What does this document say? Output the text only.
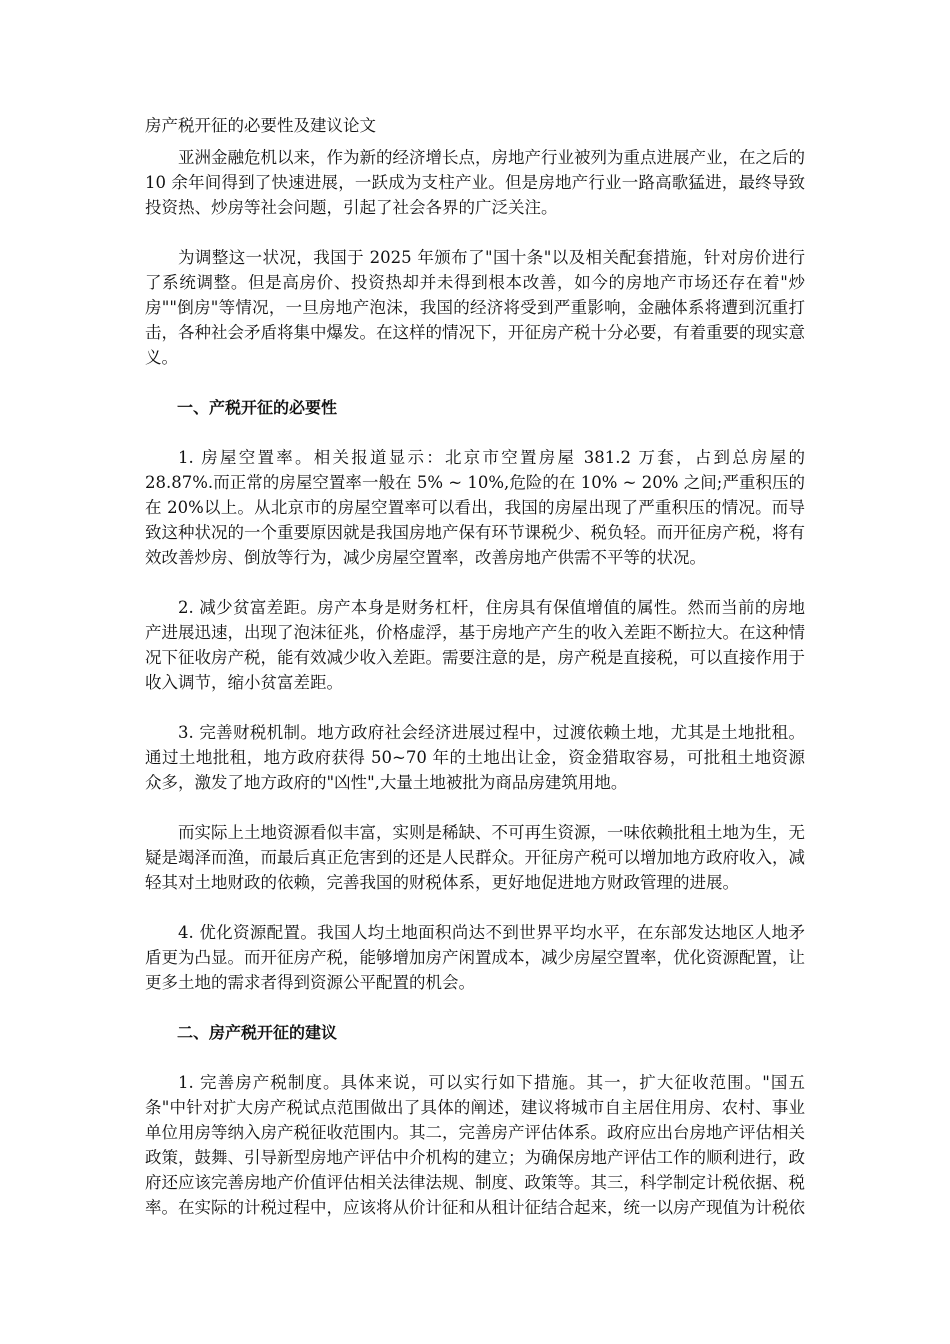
房产税开征的必要性及建议论文

亚洲金融危机以来，作为新的经济增长点，房地产行业被列为重点进展产业，在之后的 10 余年间得到了快速进展，一跃成为支柱产业。但是房地产行业一路高歌猛进，最终导致投资热、炒房等社会问题，引起了社会各界的广泛关注。

为调整这一状况，我国于 2025 年颁布了"国十条"以及相关配套措施，针对房价进行了系统调整。但是高房价、投资热却并未得到根本改善，如今的房地产市场还存在着"炒房""倒房"等情况，一旦房地产泡沫，我国的经济将受到严重影响，金融体系将遭到沉重打击，各种社会矛盾将集中爆发。在这样的情况下，开征房产税十分必要，有着重要的现实意义。

一、产税开征的必要性

1. 房屋空置率。相关报道显示：北京市空置房屋 381.2 万套，占到总房屋的 28.87%.而正常的房屋空置率一般在 5% ~ 10%,危险的在 10% ~ 20% 之间;严重积压的在 20%以上。从北京市的房屋空置率可以看出，我国的房屋出现了严重积压的情况。而导致这种状况的一个重要原因就是我国房地产保有环节课税少、税负轻。而开征房产税，将有效改善炒房、倒放等行为，减少房屋空置率，改善房地产供需不平等的状况。

2. 减少贫富差距。房产本身是财务杠杆，住房具有保值增值的属性。然而当前的房地产进展迅速，出现了泡沫征兆，价格虚浮，基于房地产产生的收入差距不断拉大。在这种情况下征收房产税，能有效减少收入差距。需要注意的是，房产税是直接税，可以直接作用于收入调节，缩小贫富差距。

3. 完善财税机制。地方政府社会经济进展过程中，过渡依赖土地，尤其是土地批租。通过土地批租，地方政府获得 50~70 年的土地出让金，资金猎取容易，可批租土地资源众多，激发了地方政府的"凶性",大量土地被批为商品房建筑用地。

而实际上土地资源看似丰富，实则是稀缺、不可再生资源，一味依赖批租土地为生，无疑是竭泽而渔，而最后真正危害到的还是人民群众。开征房产税可以增加地方政府收入，减轻其对土地财政的依赖，完善我国的财税体系，更好地促进地方财政管理的进展。

4. 优化资源配置。我国人均土地面积尚达不到世界平均水平，在东部发达地区人地矛盾更为凸显。而开征房产税，能够增加房产闲置成本，减少房屋空置率，优化资源配置，让更多土地的需求者得到资源公平配置的机会。

二、房产税开征的建议

1. 完善房产税制度。具体来说，可以实行如下措施。其一，扩大征收范围。"国五条"中针对扩大房产税试点范围做出了具体的阐述，建议将城市自主居住用房、农村、事业单位用房等纳入房产税征收范围内。其二，完善房产评估体系。政府应出台房地产评估相关政策，鼓舞、引导新型房地产评估中介机构的建立；为确保房地产评估工作的顺利进行，政府还应该完善房地产价值评估相关法律法规、制度、政策等。其三，科学制定计税依据、税率。在实际的计税过程中，应该将从价计征和从租计征结合起来，统一以房产现值为计税依
